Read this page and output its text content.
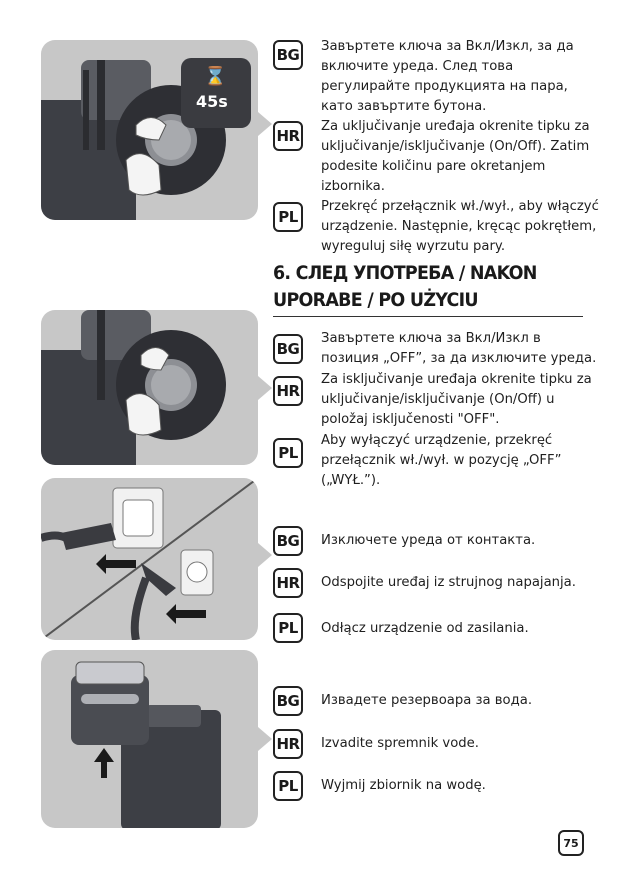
⌛
45s
BG Завъртете ключа за Вкл/Изкл, за да включите уреда. След това регулирайте продукцията на пара, като завъртите бутона.
HR
Za uključivanje uređaja okrenite tipku za uključivanje/isključivanje (On/Off). Zatim podesite količinu pare okretanjem izbornika.
PL
Przekręć przełącznik wł./wył., aby włączyć urządzenie. Następnie, kręcąc pokrętłem, wyreguluj siłę wyrzutu pary.
6. СЛЕД УПОТРЕБА / NAKON UPORABE / PO UŻYCIU
BG
Завъртете ключа за Вкл/Изкл в позиция „OFF”, за да изключите уреда.
HR
Za isključivanje uređaja okrenite tipku za uključivanje/isključivanje (On/Off) u položaj isključenosti "OFF".
PL
Aby wyłączyć urządzenie, przekręć przełącznik wł./wył. w pozycję „OFF” („WYŁ.”).
BG Изключете уреда от контакта.
HR Odspojite uređaj iz strujnog napajanja.
PL	Odłącz urządzenie od zasilania.
BG Извадете резервоара за вода.
HR Izvadite spremnik vode.
PL	Wyjmij zbiornik na wodę.
75
